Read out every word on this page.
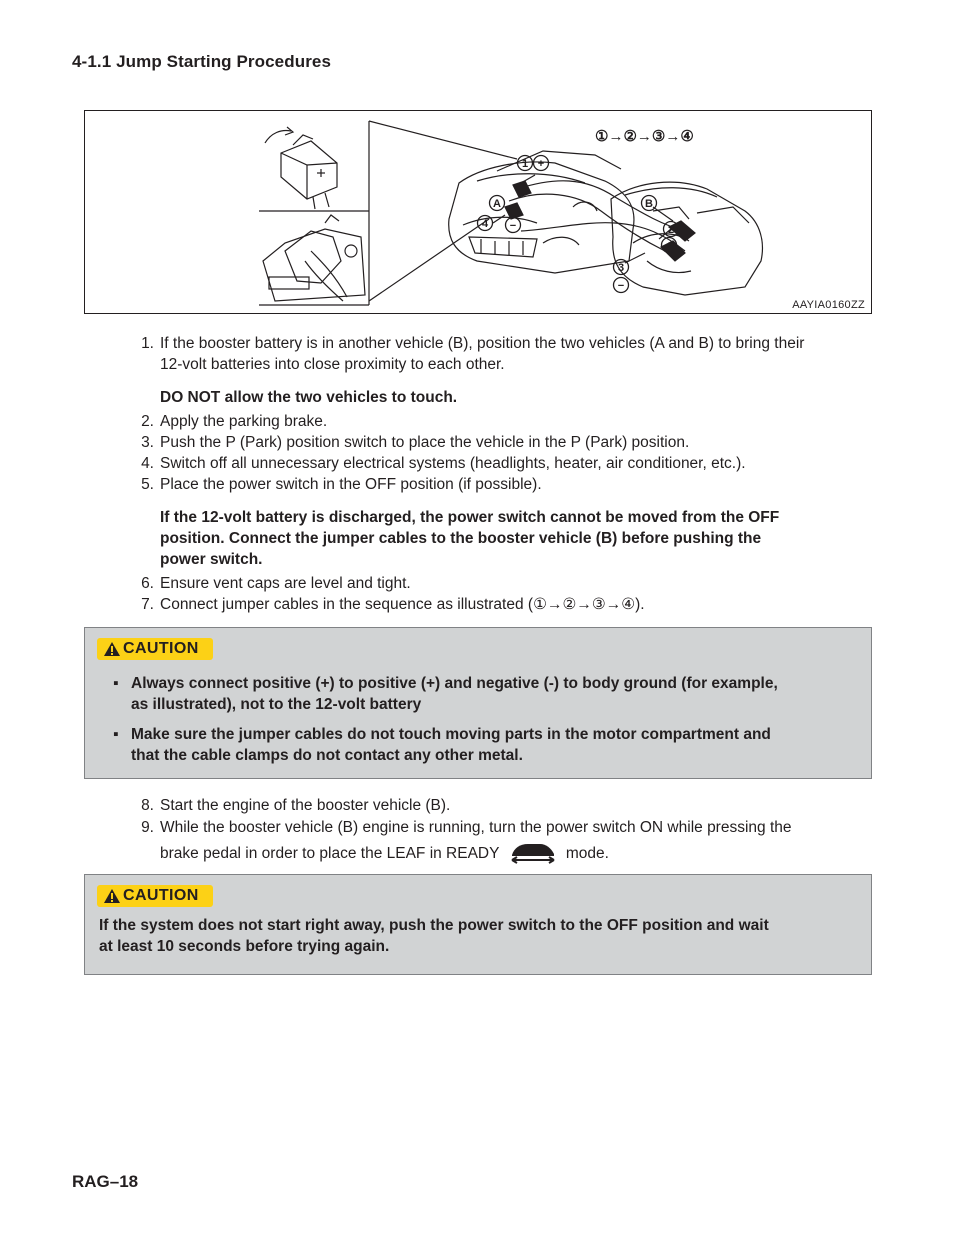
4-1.1 Jump Starting Procedures
1 +
A
4 −
B
2
+
3
−
①→②→③→④
AAYIA0160ZZ
1. If the booster battery is in another vehicle (B), position the two vehicles (A and B) to bring their
12-volt batteries into close proximity to each other.
DO NOT allow the two vehicles to touch.
2. Apply the parking brake.
3. Push the P (Park) position switch to place the vehicle in the P (Park) position.
4. Switch off all unnecessary electrical systems (headlights, heater, air conditioner, etc.).
5. Place the power switch in the OFF position (if possible).
If the 12-volt battery is discharged, the power switch cannot be moved from the OFF
position. Connect the jumper cables to the booster vehicle (B) before pushing the
power switch.
6. Ensure vent caps are level and tight.
7. Connect jumper cables in the sequence as illustrated (①→②→③→④).
CAUTION
▪ Always connect positive (+) to positive (+) and negative (-) to body ground (for example,
as illustrated), not to the 12-volt battery
▪ Make sure the jumper cables do not touch moving parts in the motor compartment and
that the cable clamps do not contact any other metal.
8. Start the engine of the booster vehicle (B).
9. While the booster vehicle (B) engine is running, turn the power switch ON while pressing the
brake pedal in order to place the LEAF in READY	mode.
CAUTION
If the system does not start right away, push the power switch to the OFF position and wait
at least 10 seconds before trying again.
RAG–18
